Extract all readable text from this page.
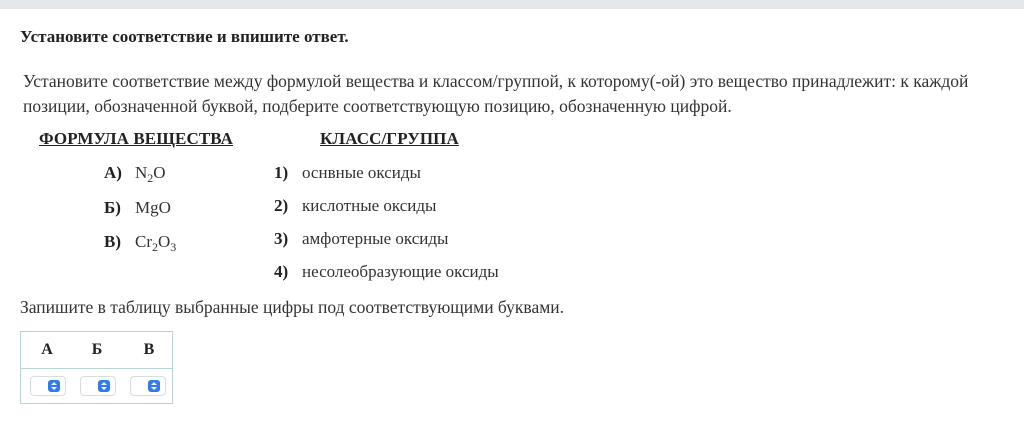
Установите соответствие и впишите ответ.
Установите соответствие между формулой вещества и классом/группой, к которому(-ой) это вещество принадлежит: к каждой позиции, обозначенной буквой, подберите соответствующую позицию, обозначенную цифрой.
ФОРМУЛА ВЕЩЕСТВА	КЛАСС/ГРУППА
А) $N_2O$
Б) MgO
В) $Cr_2O_3$
1) оснвные оксиды
2) кислотные оксиды
3) амфотерные оксиды
4) несолеобразующие оксиды
Запишите в таблицу выбранные цифры под соответствующими буквами.
А Б	В
